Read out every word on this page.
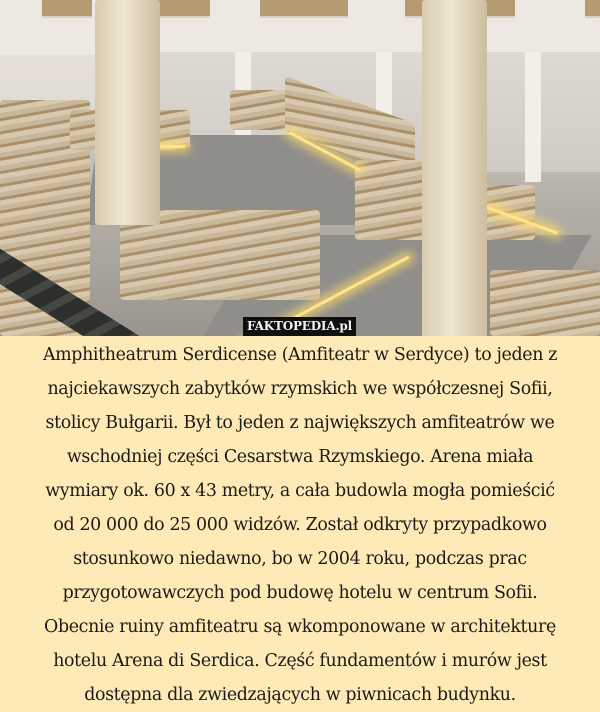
FAKTOPEDIA.pl
Amphitheatrum Serdicense (Amfiteatr w Serdyce) to jeden z
najciekawszych zabytków rzymskich we współczesnej Sofii,
stolicy Bułgarii. Był to jeden z największych amfiteatrów we
wschodniej części Cesarstwa Rzymskiego. Arena miała
wymiary ok. 60 x 43 metry, a cała budowla mogła pomieścić
od 20 000 do 25 000 widzów. Został odkryty przypadkowo
stosunkowo niedawno, bo w 2004 roku, podczas prac
przygotowawczych pod budowę hotelu w centrum Sofii.
Obecnie ruiny amfiteatru są wkomponowane w architekturę
hotelu Arena di Serdica. Część fundamentów i murów jest
dostępna dla zwiedzających w piwnicach budynku.
